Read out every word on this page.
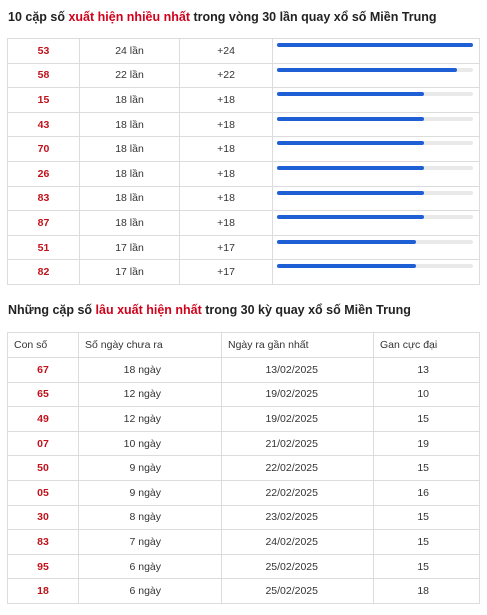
10 cặp số xuất hiện nhiều nhất trong vòng 30 lần quay xổ số Miền Trung
53	24 lần	+24	

58	22 lần	+22	

15	18 lần	+18	

43	18 lần	+18	

70	18 lần	+18	

26	18 lần	+18	

83	18 lần	+18	

87	18 lần	+18	

51	17 lần	+17	

82	17 lần	+17	
Những cặp số lâu xuất hiện nhất trong 30 kỳ quay xổ số Miền Trung
Con số	Số ngày chưa ra	Ngày ra gần nhất	Gan cực đại
67	18 ngày	13/02/2025	13
65	12 ngày	19/02/2025	10
49	12 ngày	19/02/2025	15
07	10 ngày	21/02/2025	19
50	9 ngày	22/02/2025	15
05	9 ngày	22/02/2025	16
30	8 ngày	23/02/2025	15
83	7 ngày	24/02/2025	15
95	6 ngày	25/02/2025	15
18	6 ngày	25/02/2025	18
